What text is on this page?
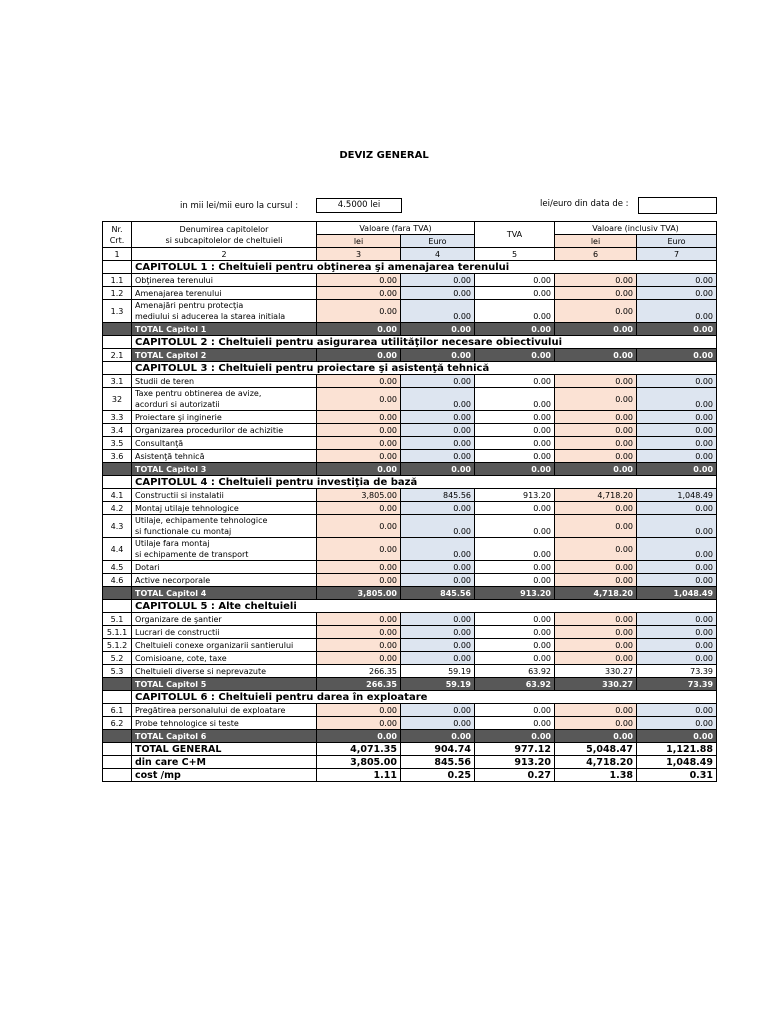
DEVIZ GENERAL
in mii lei/mii euro la cursul :	4.5000 lei	lei/euro din data de :
Nr.
Crt.	Denumirea capitolelor
si subcapitolelor de cheltuieli	Valoare (fara TVA)		TVA	Valoare (inclusiv TVA)	
		lei	Euro		lei	Euro
1	2	3	4	5	6	7
	CAPITOLUL 1 : Cheltuieli pentru obţinerea şi amenajarea terenului					
1.1	Obţinerea terenului	0.00	0.00	0.00	0.00	0.00
1.2	Amenajarea terenului	0.00	0.00	0.00	0.00	0.00
1.3	Amenajări pentru protecţia
mediului si aducerea la starea initiala	0.00	0.00	0.00	0.00	0.00
	TOTAL Capitol 1	0.00	0.00	0.00	0.00	0.00
	CAPITOLUL 2 : Cheltuieli pentru asigurarea utilităţilor necesare obiectivului					
2.1	TOTAL Capitol 2	0.00	0.00	0.00	0.00	0.00
	CAPITOLUL 3 : Cheltuieli pentru proiectare şi asistenţă tehnică					
3.1	Studii de teren	0.00	0.00	0.00	0.00	0.00
32	Taxe pentru obtinerea de avize,
acorduri si autorizatii	0.00	0.00	0.00	0.00	0.00
3.3	Proiectare şi inginerie	0.00	0.00	0.00	0.00	0.00
3.4	Organizarea procedurilor de achizitie	0.00	0.00	0.00	0.00	0.00
3.5	Consultanţă	0.00	0.00	0.00	0.00	0.00
3.6	Asistenţă tehnică	0.00	0.00	0.00	0.00	0.00
	TOTAL Capitol 3	0.00	0.00	0.00	0.00	0.00
	CAPITOLUL 4 : Cheltuieli pentru investiţia de bază					
4.1	Constructii si instalatii	3,805.00	845.56	913.20	4,718.20	1,048.49
4.2	Montaj utilaje tehnologice	0.00	0.00	0.00	0.00	0.00
4.3	Utilaje, echipamente tehnologice
si functionale cu montaj	0.00	0.00	0.00	0.00	0.00
4.4	Utilaje fara montaj
si echipamente de transport	0.00	0.00	0.00	0.00	0.00
4.5	Dotari	0.00	0.00	0.00	0.00	0.00
4.6	Active necorporale	0.00	0.00	0.00	0.00	0.00
	TOTAL Capitol 4	3,805.00	845.56	913.20	4,718.20	1,048.49
	CAPITOLUL 5 : Alte cheltuieli					
5.1	Organizare de şantier	0.00	0.00	0.00	0.00	0.00
5.1.1	Lucrari de constructii	0.00	0.00	0.00	0.00	0.00
5.1.2	Cheltuieli conexe organizarii santierului	0.00	0.00	0.00	0.00	0.00
5.2	Comisioane, cote, taxe	0.00	0.00	0.00	0.00	0.00
5.3	Cheltuieli diverse si neprevazute	266.35	59.19	63.92	330.27	73.39
	TOTAL Capitol 5	266.35	59.19	63.92	330.27	73.39
	CAPITOLUL 6 : Cheltuieli pentru darea în exploatare					
6.1	Pregătirea personalului de exploatare	0.00	0.00	0.00	0.00	0.00
6.2	Probe tehnologice si teste	0.00	0.00	0.00	0.00	0.00
	TOTAL Capitol 6	0.00	0.00	0.00	0.00	0.00
	TOTAL GENERAL	4,071.35	904.74	977.12	5,048.47	1,121.88
	din care C+M	3,805.00	845.56	913.20	4,718.20	1,048.49
	cost /mp	1.11	0.25	0.27	1.38	0.31
